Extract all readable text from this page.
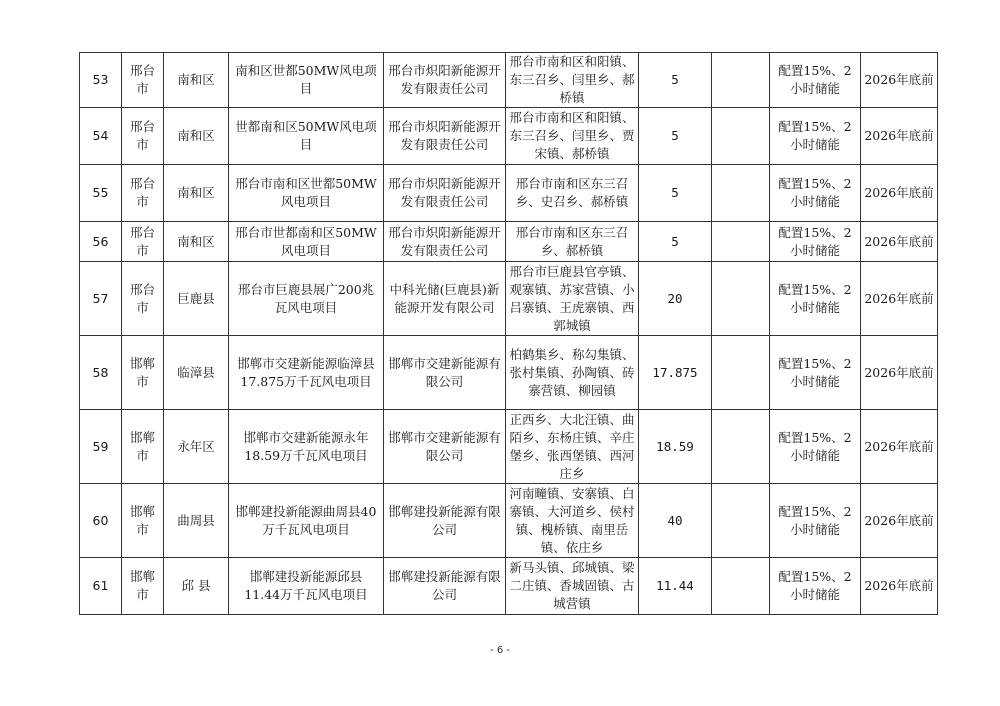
53	邢台市	南和区	南和区世都50MW风电项目	邢台市炽阳新能源开发有限责任公司	邢台市南和区和阳镇、东三召乡、闫里乡、郝桥镇	5		配置15%、2小时储能	2026年底前
54	邢台市	南和区	世都南和区50MW风电项目	邢台市炽阳新能源开发有限责任公司	邢台市南和区和阳镇、东三召乡、闫里乡、贾宋镇、郝桥镇	5		配置15%、2小时储能	2026年底前
55	邢台市	南和区	邢台市南和区世都50MW风电项目	邢台市炽阳新能源开发有限责任公司	邢台市南和区东三召乡、史召乡、郝桥镇	5		配置15%、2小时储能	2026年底前
56	邢台市	南和区	邢台市世都南和区50MW风电项目	邢台市炽阳新能源开发有限责任公司	邢台市南和区东三召乡、郝桥镇	5		配置15%、2小时储能	2026年底前
57	邢台市	巨鹿县	邢台市巨鹿县展广200兆瓦风电项目	中科光储(巨鹿县)新能源开发有限公司	邢台市巨鹿县官亭镇、观寨镇、苏家营镇、小吕寨镇、王虎寨镇、西郭城镇	20		配置15%、2小时储能	2026年底前
58	邯郸市	临漳县	邯郸市交建新能源临漳县17.875万千瓦风电项目	邯郸市交建新能源有限公司	柏鹤集乡、称勾集镇、张村集镇、孙陶镇、砖寨营镇、柳园镇	17.875		配置15%、2小时储能	2026年底前
59	邯郸市	永年区	邯郸市交建新能源永年18.59万千瓦风电项目	邯郸市交建新能源有限公司	正西乡、大北汪镇、曲陌乡、东杨庄镇、辛庄堡乡、张西堡镇、西河庄乡	18.59		配置15%、2小时储能	2026年底前
60	邯郸市	曲周县	邯郸建投新能源曲周县40万千瓦风电项目	邯郸建投新能源有限公司	河南疃镇、安寨镇、白寨镇、大河道乡、侯村镇、槐桥镇、南里岳镇、依庄乡	40		配置15%、2小时储能	2026年底前
61	邯郸市	邱 县	邯郸建投新能源邱县11.44万千瓦风电项目	邯郸建投新能源有限公司	新马头镇、邱城镇、梁二庄镇、香城固镇、古城营镇	11.44		配置15%、2小时储能	2026年底前
- 6 -
